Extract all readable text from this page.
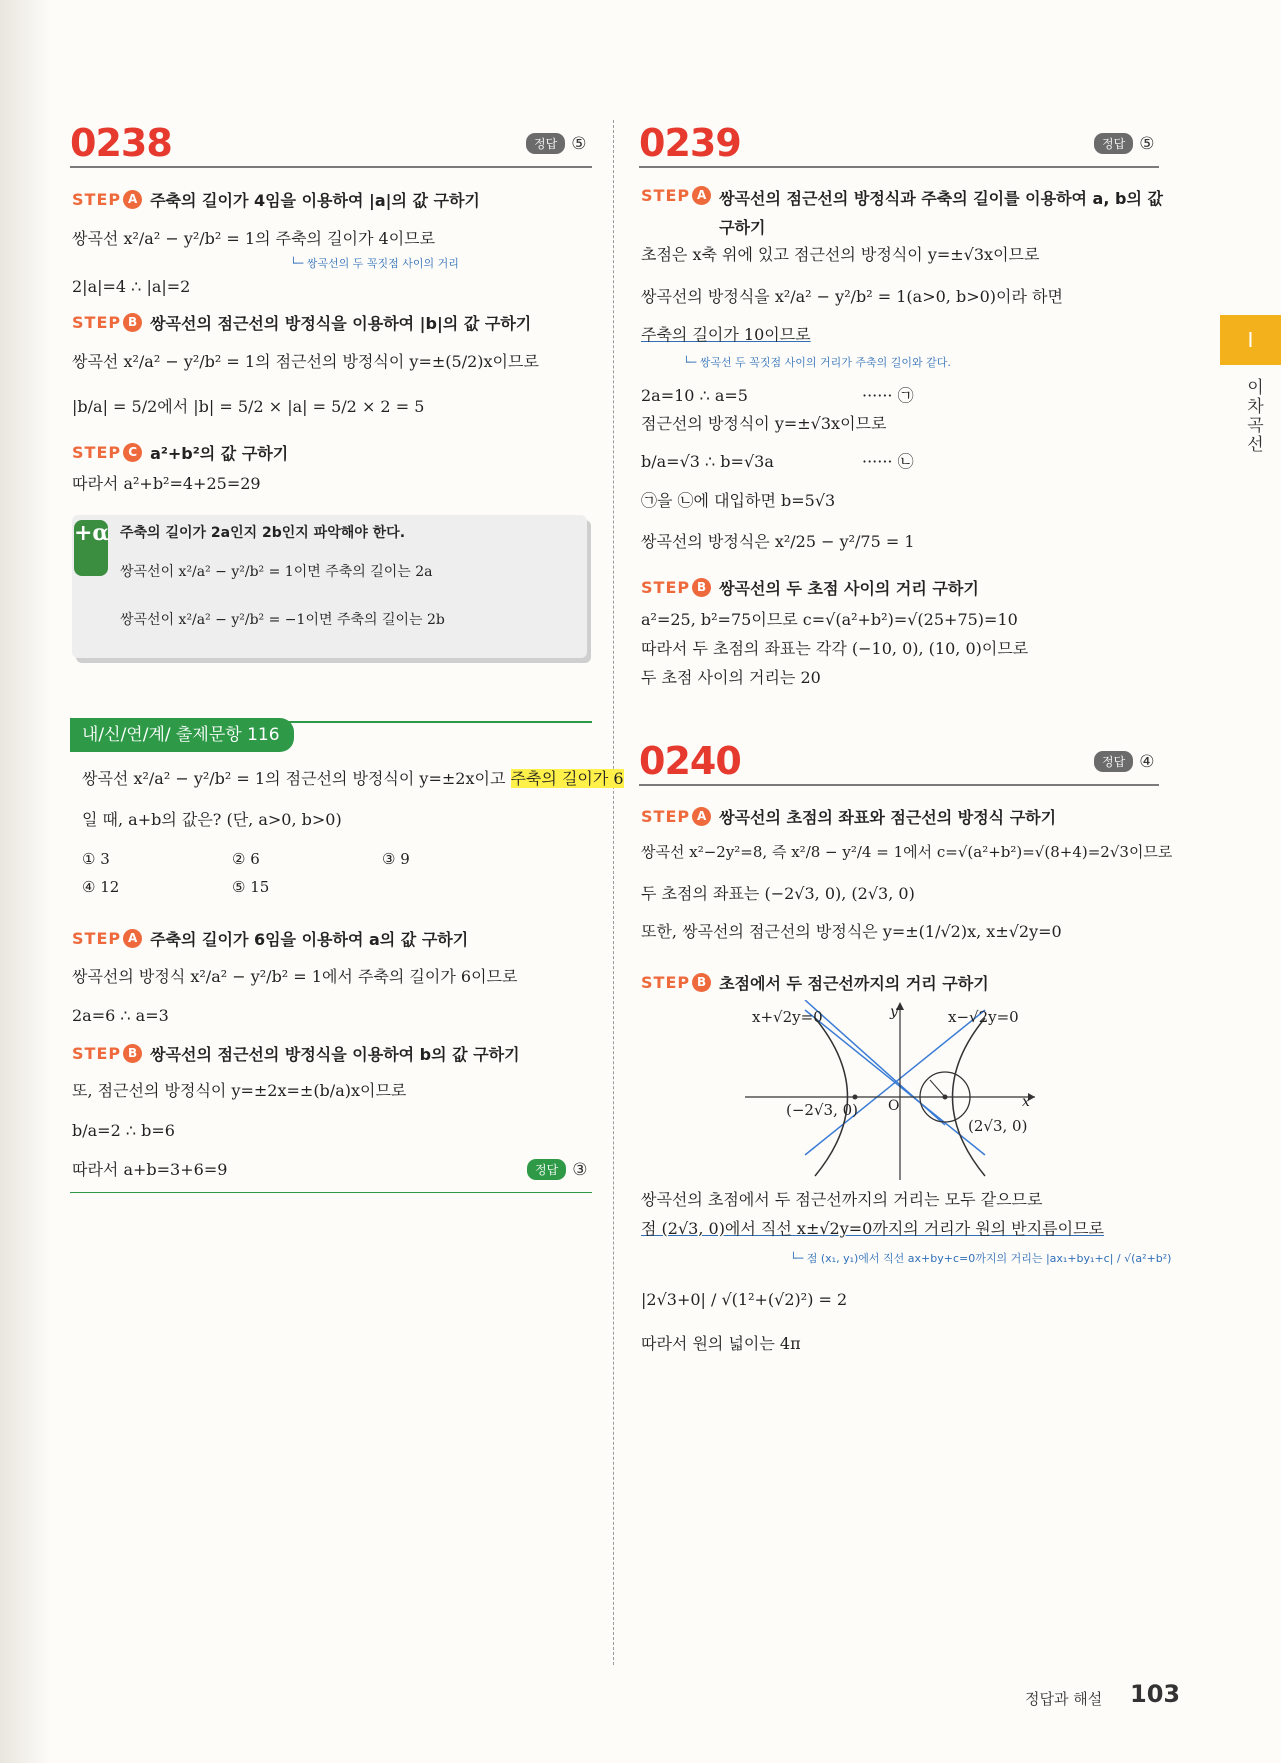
0238	정답 ⑤
STEP A 주축의 길이가 4임을 이용하여 |a|의 값 구하기
쌍곡선 x²/a² − y²/b² = 1의 주축의 길이가 4이므로
└─ 쌍곡선의 두 꼭짓점 사이의 거리
2|a|=4 ∴ |a|=2
STEP B 쌍곡선의 점근선의 방정식을 이용하여 |b|의 값 구하기
쌍곡선 x²/a² − y²/b² = 1의 점근선의 방정식이 y=±(5/2)x이므로
|b/a| = 5/2에서 |b| = 5/2 × |a| = 5/2 × 2 = 5
STEP C a²+b²의 값 구하기
따라서 a²+b²=4+25=29
+α 주축의 길이가 2a인지 2b인지 파악해야 한다.
쌍곡선이 x²/a² − y²/b² = 1이면 주축의 길이는 2a
쌍곡선이 x²/a² − y²/b² = −1이면 주축의 길이는 2b
내/신/연/계/ 출제문항 116
쌍곡선 x²/a² − y²/b² = 1의 점근선의 방정식이 y=±2x이고 주축의 길이가 6
일 때, a+b의 값은? (단, a>0, b>0)
① 3	② 6	③ 9
④ 12	⑤ 15
STEP A 주축의 길이가 6임을 이용하여 a의 값 구하기
쌍곡선의 방정식 x²/a² − y²/b² = 1에서 주축의 길이가 6이므로
2a=6 ∴ a=3
STEP B 쌍곡선의 점근선의 방정식을 이용하여 b의 값 구하기
또, 점근선의 방정식이 y=±2x=±(b/a)x이므로
b/a=2 ∴ b=6
따라서 a+b=3+6=9	정답 ③
0239	정답 ⑤
STEP A 쌍곡선의 점근선의 방정식과 주축의 길이를 이용하여 a, b의 값
구하기
초점은 x축 위에 있고 점근선의 방정식이 y=±√3x이므로
쌍곡선의 방정식을 x²/a² − y²/b² = 1(a>0, b>0)이라 하면
주축의 길이가 10이므로
└─ 쌍곡선 두 꼭짓점 사이의 거리가 주축의 길이와 같다.
2a=10 ∴ a=5	······ ㉠
점근선의 방정식이 y=±√3x이므로
b/a=√3 ∴ b=√3a	······ ㉡
㉠을 ㉡에 대입하면 b=5√3
쌍곡선의 방정식은 x²/25 − y²/75 = 1
STEP B 쌍곡선의 두 초점 사이의 거리 구하기
a²=25, b²=75이므로 c=√(a²+b²)=√(25+75)=10
따라서 두 초점의 좌표는 각각 (−10, 0), (10, 0)이므로
두 초점 사이의 거리는 20
0240	정답 ④
STEP A 쌍곡선의 초점의 좌표와 점근선의 방정식 구하기
쌍곡선 x²−2y²=8, 즉 x²/8 − y²/4 = 1에서 c=√(a²+b²)=√(8+4)=2√3이므로
두 초점의 좌표는 (−2√3, 0), (2√3, 0)
또한, 쌍곡선의 점근선의 방정식은 y=±(1/√2)x, x±√2y=0
STEP B 초점에서 두 점근선까지의 거리 구하기
x+√2y=0	x−√2y=0
y
x
O
(−2√3, 0)
(2√3, 0)
쌍곡선의 초점에서 두 점근선까지의 거리는 모두 같으므로
점 (2√3, 0)에서 직선 x±√2y=0까지의 거리가 원의 반지름이므로
└─ 점 (x₁, y₁)에서 직선 ax+by+c=0까지의 거리는 |ax₁+by₁+c| / √(a²+b²)
|2√3+0| / √(1²+(√2)²) = 2
따라서 원의 넓이는 4π
I
이차곡선
정답과 해설 103
